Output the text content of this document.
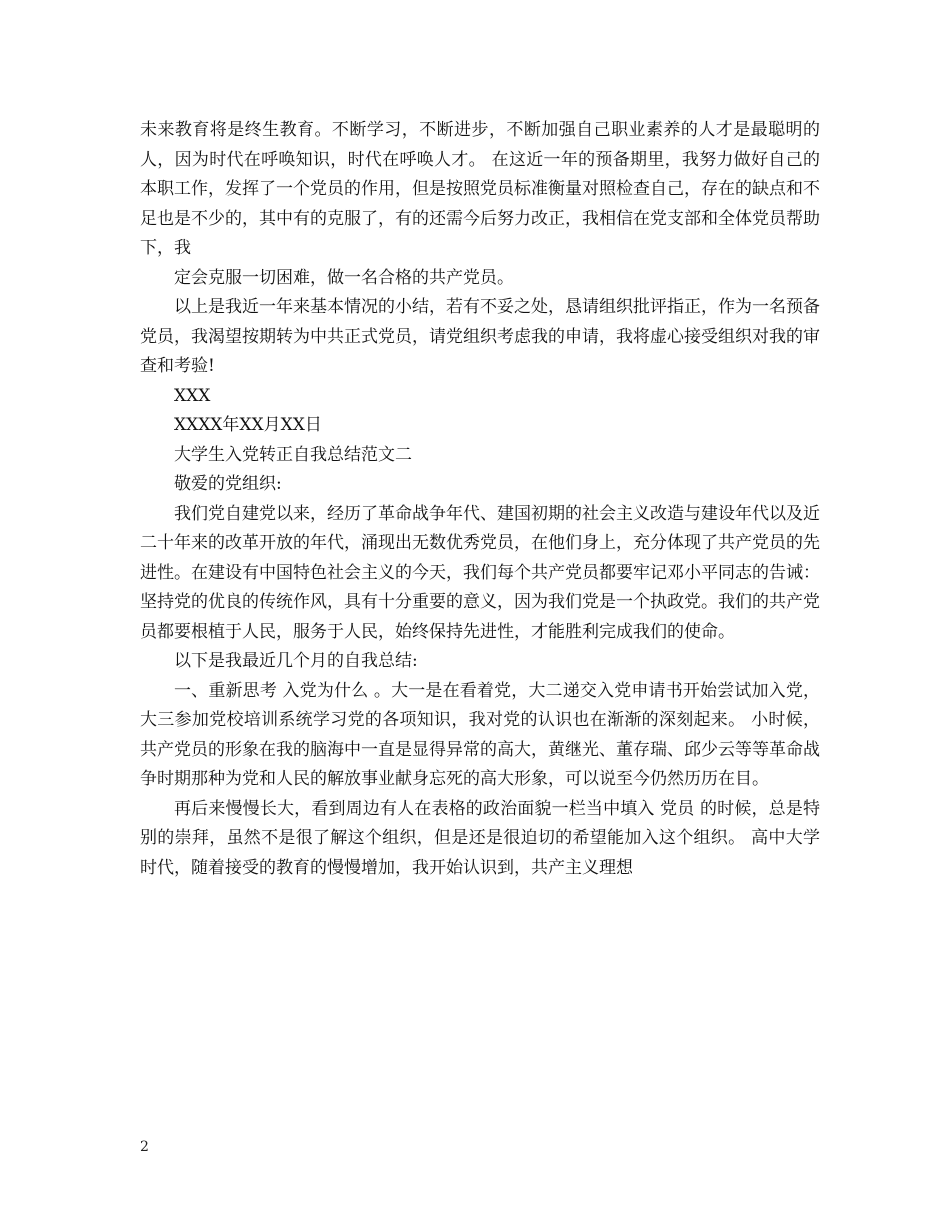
未来教育将是终生教育。不断学习，不断进步，不断加强自己职业素养的人才是最聪明的人，因为时代在呼唤知识，时代在呼唤人才。 在这近一年的预备期里，我努力做好自己的本职工作，发挥了一个党员的作用，但是按照党员标准衡量对照检查自己，存在的缺点和不足也是不少的，其中有的克服了，有的还需今后努力改正，我相信在党支部和全体党员帮助下，我

定会克服一切困难，做一名合格的共产党员。

以上是我近一年来基本情况的小结，若有不妥之处，恳请组织批评指正，作为一名预备党员，我渴望按期转为中共正式党员，请党组织考虑我的申请，我将虚心接受组织对我的审查和考验!

XXX

XXXX年XX月XX日

大学生入党转正自我总结范文二

敬爱的党组织:

我们党自建党以来，经历了革命战争年代、建国初期的社会主义改造与建设年代以及近二十年来的改革开放的年代，涌现出无数优秀党员，在他们身上，充分体现了共产党员的先进性。在建设有中国特色社会主义的今天，我们每个共产党员都要牢记邓小平同志的告诫： 坚持党的优良的传统作风，具有十分重要的意义，因为我们党是一个执政党。我们的共产党员都要根植于人民，服务于人民，始终保持先进性，才能胜利完成我们的使命。

以下是我最近几个月的自我总结:

一、重新思考 入党为什么 。大一是在看着党，大二递交入党申请书开始尝试加入党，大三参加党校培训系统学习党的各项知识，我对党的认识也在渐渐的深刻起来。 小时候，共产党员的形象在我的脑海中一直是显得异常的高大，黄继光、董存瑞、邱少云等等革命战争时期那种为党和人民的解放事业献身忘死的高大形象，可以说至今仍然历历在目。

再后来慢慢长大，看到周边有人在表格的政治面貌一栏当中填入 党员 的时候，总是特别的崇拜，虽然不是很了解这个组织，但是还是很迫切的希望能加入这个组织。 高中大学时代，随着接受的教育的慢慢增加，我开始认识到，共产主义理想

2
